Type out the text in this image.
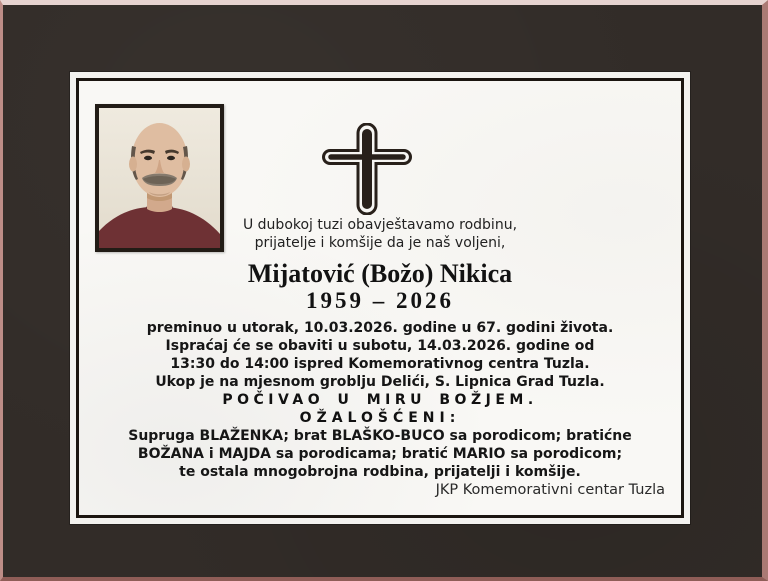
U dubokoj tuzi obavještavamo rodbinu,
prijatelje i komšije da je naš voljeni,
Mijatović (Božo) Nikica
1959 – 2026
preminuo u utorak, 10.03.2026. godine u 67. godini života.
Ispraćaj će se obaviti u subotu, 14.03.2026. godine od
13:30 do 14:00 ispred Komemorativnog centra Tuzla.
Ukop je na mjesnom groblju Delići, S. Lipnica Grad Tuzla.
POČIVAO U MIRU BOŽJEM.
OŽALOŠĆENI:
Supruga BLAŽENKA; brat BLAŠKO-BUCO sa porodicom; bratićne
BOŽANA i MAJDA sa porodicama; bratić MARIO sa porodicom;
te ostala mnogobrojna rodbina, prijatelji i komšije.
JKP Komemorativni centar Tuzla
